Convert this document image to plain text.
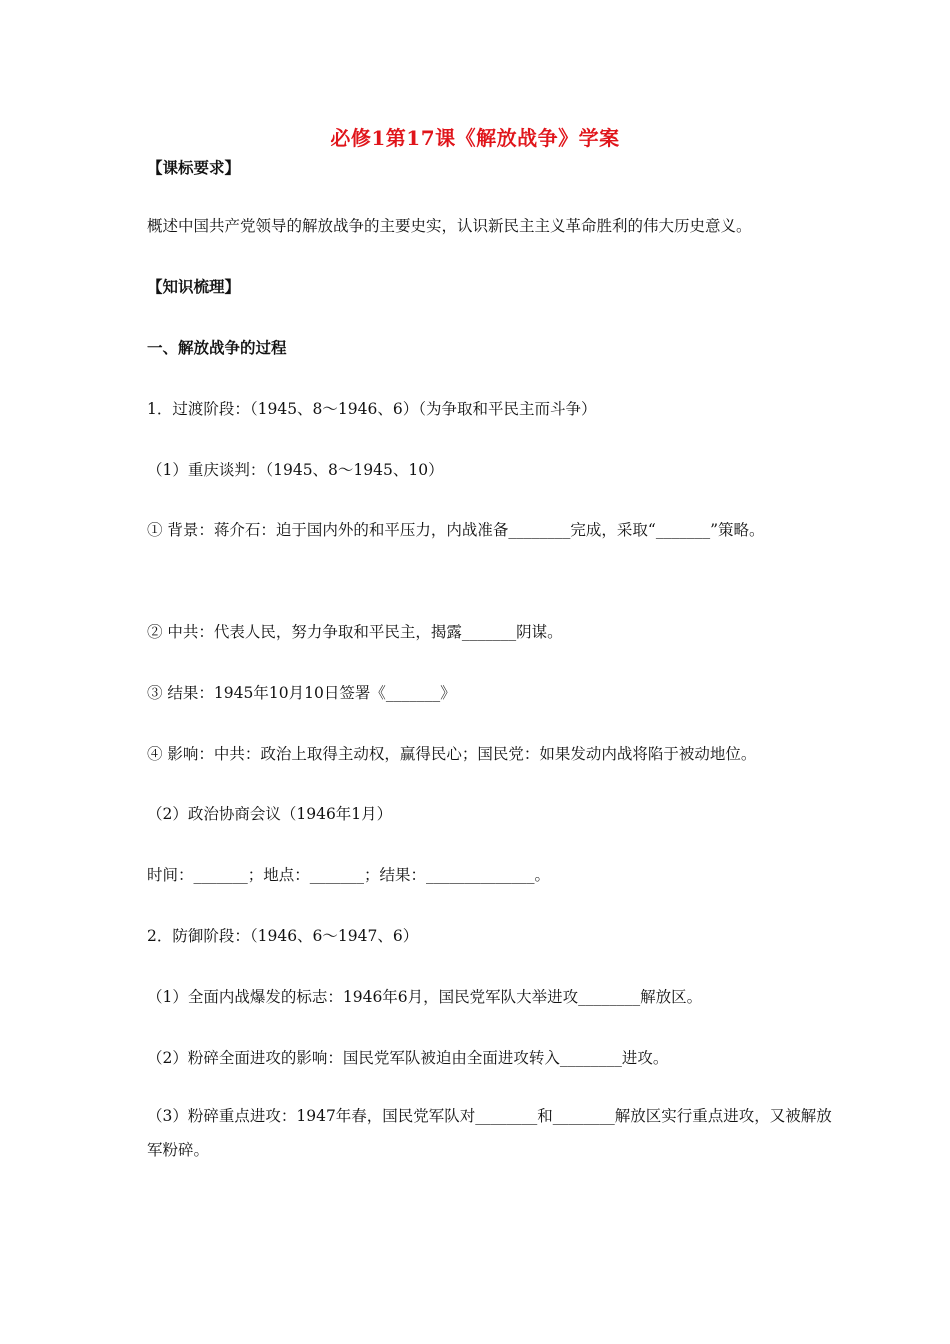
必修1第17课《解放战争》学案
【课标要求】
概述中国共产党领导的解放战争的主要史实，认识新民主主义革命胜利的伟大历史意义。
【知识梳理】
一、解放战争的过程
1．过渡阶段：（1945、8～1946、6）（为争取和平民主而斗争）
（1）重庆谈判：（1945、8～1945、10）
① 背景：蒋介石：迫于国内外的和平压力，内战准备________完成，采取“_______”策略。
② 中共：代表人民，努力争取和平民主，揭露_______阴谋。
③ 结果：1945年10月10日签署《_______》
④ 影响：中共：政治上取得主动权，赢得民心；国民党：如果发动内战将陷于被动地位。
（2）政治协商会议（1946年1月）
时间：_______；地点：_______；结果：______________。
2．防御阶段：（1946、6～1947、6）
（1）全面内战爆发的标志：1946年6月，国民党军队大举进攻________解放区。
（2）粉碎全面进攻的影响：国民党军队被迫由全面进攻转入________进攻。
（3）粉碎重点进攻：1947年春，国民党军队对________和________解放区实行重点进攻，又被解放军粉碎。
